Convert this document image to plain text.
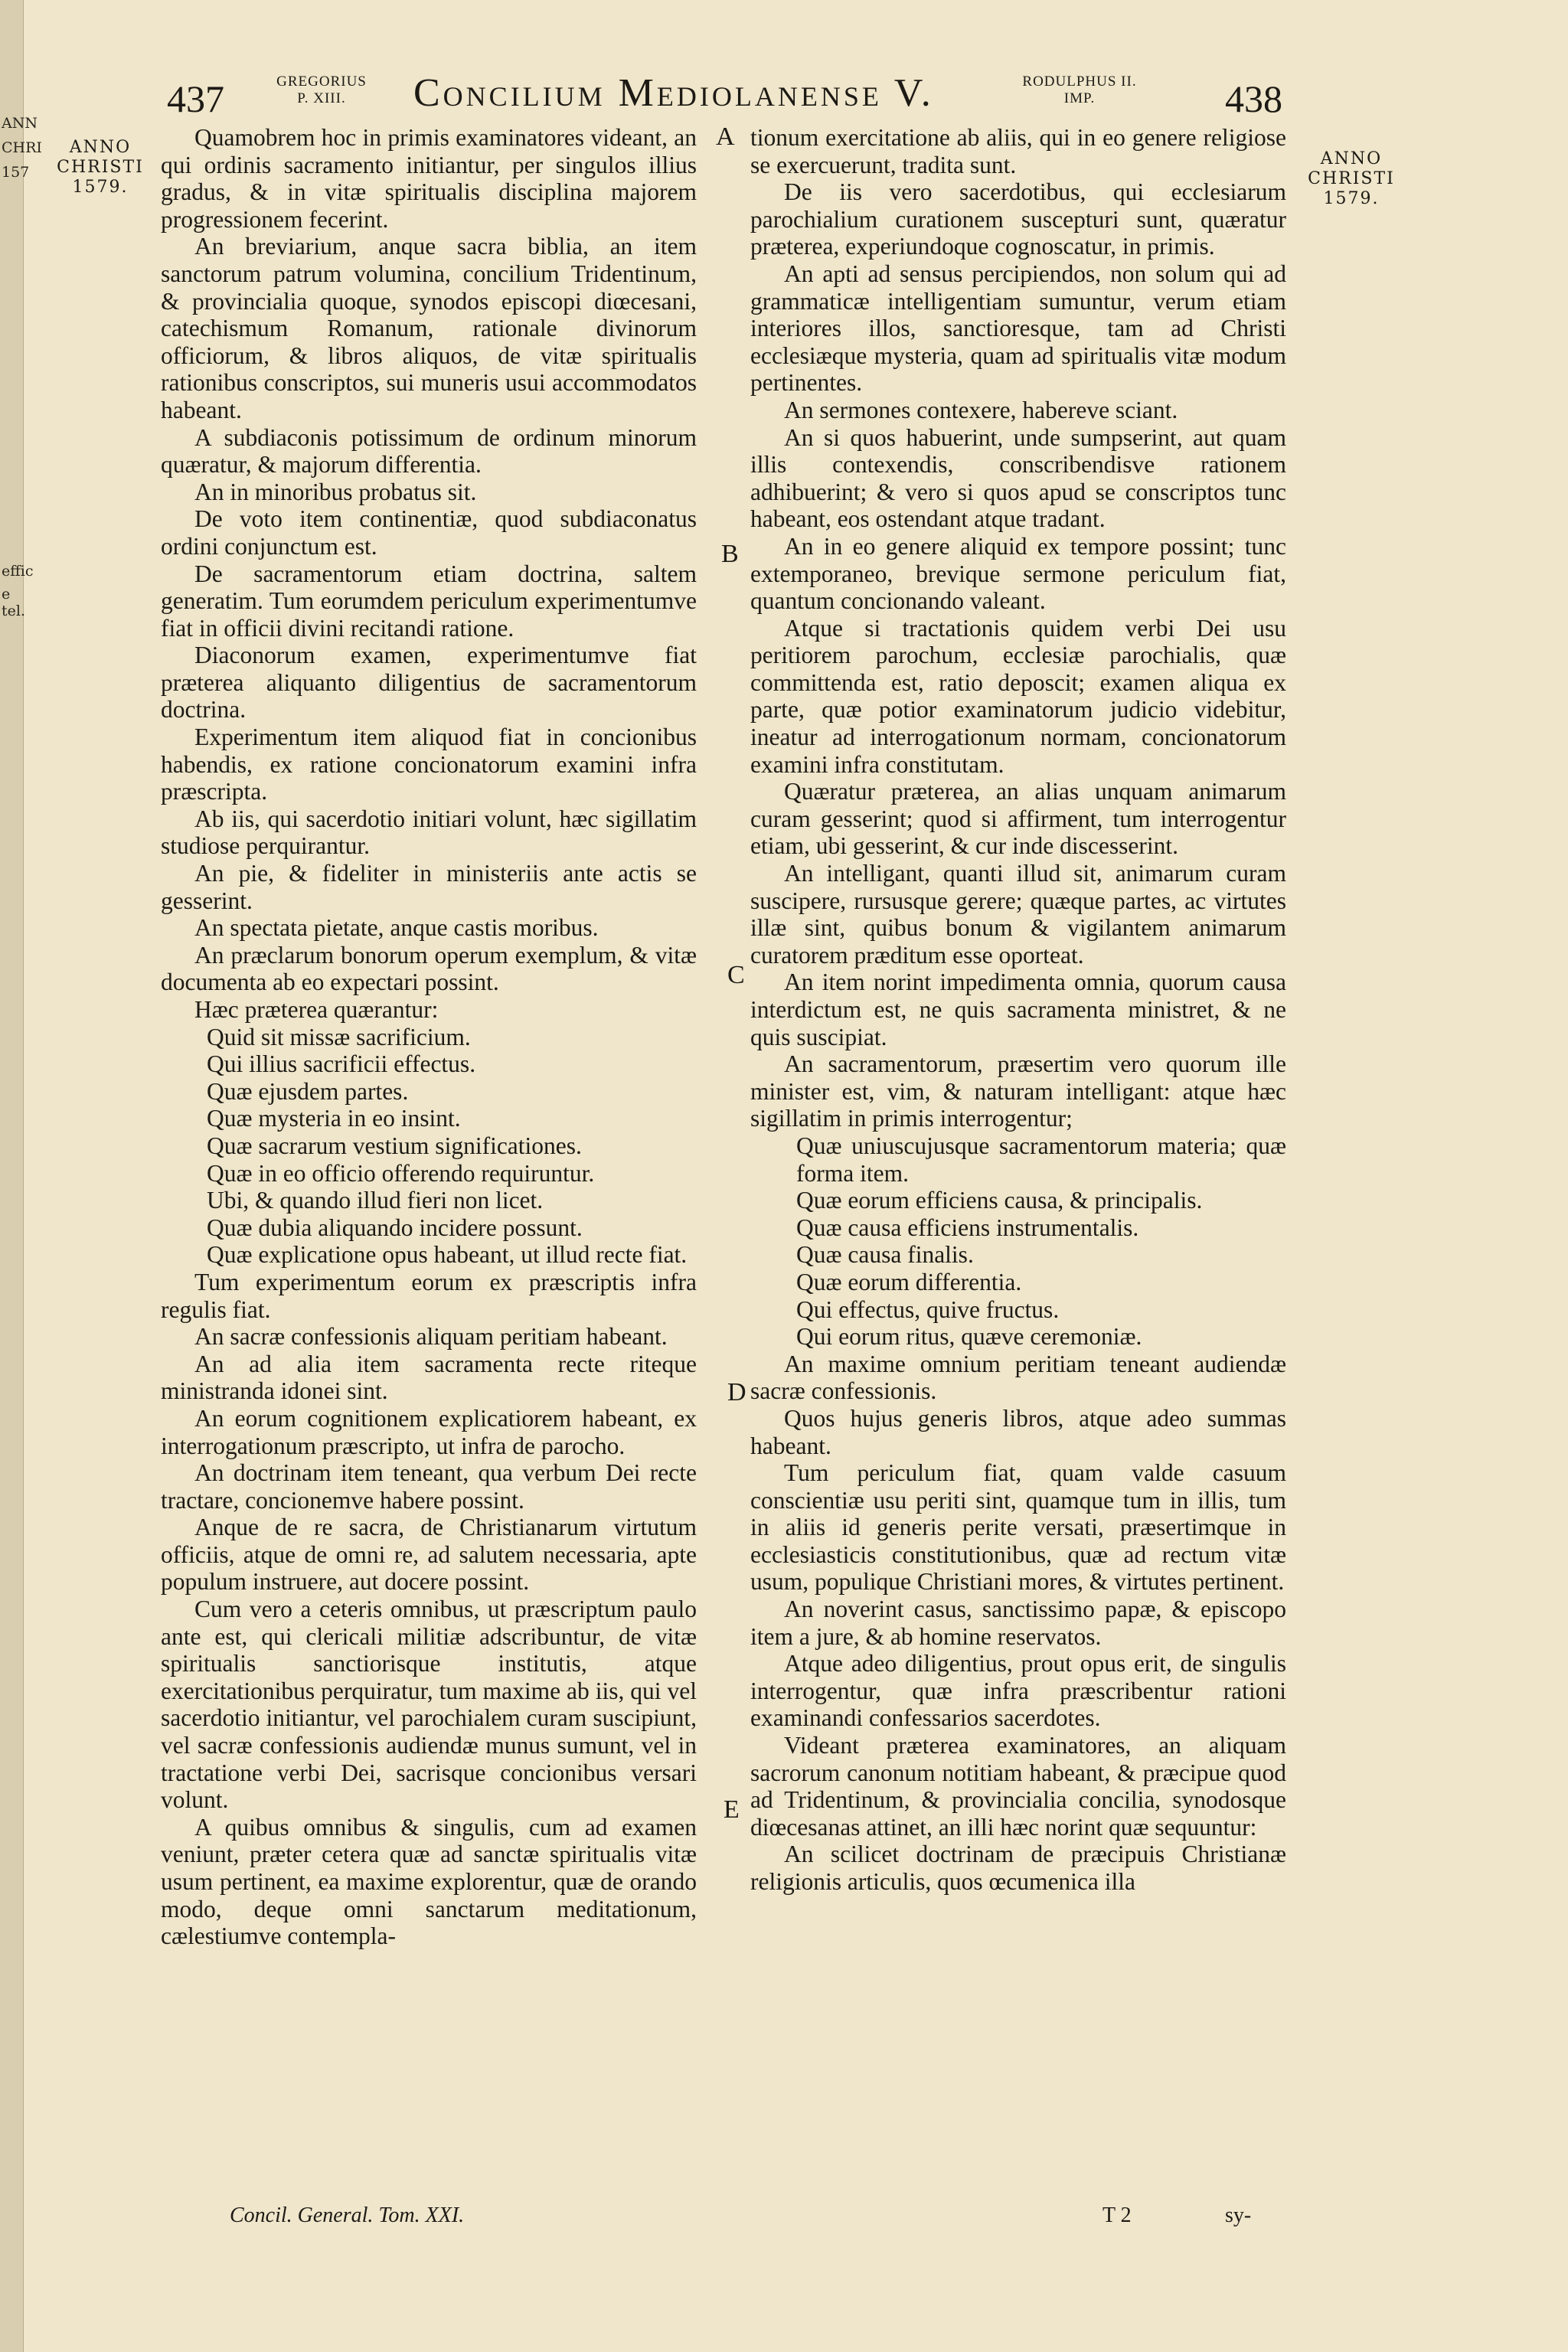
ANN
CHRI
157
effic
e tel.
437	GREGORIUS
P. XIII.	Concilium Mediolanense V.	RODULPHUS II.
IMP.	438
ANNO
CHRISTI
1579.
ANNO
CHRISTI
1579.
A
B
C
D
E

Quamobrem hoc in primis examinatores videant, an qui ordinis sacramento initiantur, per singulos illius gradus, & in vitæ spiritualis disciplina majorem progressionem fecerint.

An breviarium, anque sacra biblia, an item sanctorum patrum volumina, concilium Tridentinum, & provincialia quoque, synodos episcopi diœcesani, catechismum Romanum, rationale divinorum officiorum, & libros aliquos, de vitæ spiritualis rationibus conscriptos, sui muneris usui accommodatos habeant.

A subdiaconis potissimum de ordinum minorum quæratur, & majorum differentia.

An in minoribus probatus sit.

De voto item continentiæ, quod subdiaconatus ordini conjunctum est.

De sacramentorum etiam doctrina, saltem generatim. Tum eorumdem periculum experimentumve fiat in officii divini recitandi ratione.

Diaconorum examen, experimentumve fiat præterea aliquanto diligentius de sacramentorum doctrina.

Experimentum item aliquod fiat in concionibus habendis, ex ratione concionatorum examini infra præscripta.

Ab iis, qui sacerdotio initiari volunt, hæc sigillatim studiose perquirantur.

An pie, & fideliter in ministeriis ante actis se gesserint.

An spectata pietate, anque castis moribus.

An præclarum bonorum operum exemplum, & vitæ documenta ab eo expectari possint.

Hæc præterea quærantur:

Quid sit missæ sacrificium.

Qui illius sacrificii effectus.

Quæ ejusdem partes.

Quæ mysteria in eo insint.

Quæ sacrarum vestium significationes.

Quæ in eo officio offerendo requiruntur.

Ubi, & quando illud fieri non licet.

Quæ dubia aliquando incidere possunt.

Quæ explicatione opus habeant, ut illud recte fiat.

Tum experimentum eorum ex præscriptis infra regulis fiat.

An sacræ confessionis aliquam peritiam habeant.

An ad alia item sacramenta recte riteque ministranda idonei sint.

An eorum cognitionem explicatiorem habeant, ex interrogationum præscripto, ut infra de parocho.

An doctrinam item teneant, qua verbum Dei recte tractare, concionemve habere possint.

Anque de re sacra, de Christianarum virtutum officiis, atque de omni re, ad salutem necessaria, apte populum instruere, aut docere possint.

Cum vero a ceteris omnibus, ut præscriptum paulo ante est, qui clericali militiæ adscribuntur, de vitæ spiritualis sanctiorisque institutis, atque exercitationibus perquiratur, tum maxime ab iis, qui vel sacerdotio initiantur, vel parochialem curam suscipiunt, vel sacræ confessionis audiendæ munus sumunt, vel in tractatione verbi Dei, sacrisque concionibus versari volunt.

A quibus omnibus & singulis, cum ad examen veniunt, præter cetera quæ ad sanctæ spiritualis vitæ usum pertinent, ea maxime explorentur, quæ de orando modo, deque omni sanctarum meditationum, cælestiumve contempla-

tionum exercitatione ab aliis, qui in eo genere religiose se exercuerunt, tradita sunt.

De iis vero sacerdotibus, qui ecclesiarum parochialium curationem suscepturi sunt, quæratur præterea, experiundoque cognoscatur, in primis.

An apti ad sensus percipiendos, non solum qui ad grammaticæ intelligentiam sumuntur, verum etiam interiores illos, sanctioresque, tam ad Christi ecclesiæque mysteria, quam ad spiritualis vitæ modum pertinentes.

An sermones contexere, habereve sciant.

An si quos habuerint, unde sumpserint, aut quam illis contexendis, conscribendisve rationem adhibuerint; & vero si quos apud se conscriptos tunc habeant, eos ostendant atque tradant.

An in eo genere aliquid ex tempore possint; tunc extemporaneo, brevique sermone periculum fiat, quantum concionando valeant.

Atque si tractationis quidem verbi Dei usu peritiorem parochum, ecclesiæ parochialis, quæ committenda est, ratio deposcit; examen aliqua ex parte, quæ potior examinatorum judicio videbitur, ineatur ad interrogationum normam, concionatorum examini infra constitutam.

Quæratur præterea, an alias unquam animarum curam gesserint; quod si affirment, tum interrogentur etiam, ubi gesserint, & cur inde discesserint.

An intelligant, quanti illud sit, animarum curam suscipere, rursusque gerere; quæque partes, ac virtutes illæ sint, quibus bonum & vigilantem animarum curatorem præditum esse oporteat.

An item norint impedimenta omnia, quorum causa interdictum est, ne quis sacramenta ministret, & ne quis suscipiat.

An sacramentorum, præsertim vero quorum ille minister est, vim, & naturam intelligant: atque hæc sigillatim in primis interrogentur;

Quæ uniuscujusque sacramentorum materia; quæ forma item.

Quæ eorum efficiens causa, & principalis.

Quæ causa efficiens instrumentalis.

Quæ causa finalis.

Quæ eorum differentia.

Qui effectus, quive fructus.

Qui eorum ritus, quæve ceremoniæ.

An maxime omnium peritiam teneant audiendæ sacræ confessionis.

Quos hujus generis libros, atque adeo summas habeant.

Tum periculum fiat, quam valde casuum conscientiæ usu periti sint, quamque tum in illis, tum in aliis id generis perite versati, præsertimque in ecclesiasticis constitutionibus, quæ ad rectum vitæ usum, populique Christiani mores, & virtutes pertinent.

An noverint casus, sanctissimo papæ, & episcopo item a jure, & ab homine reservatos.

Atque adeo diligentius, prout opus erit, de singulis interrogentur, quæ infra præscribentur rationi examinandi confessarios sacerdotes.

Videant præterea examinatores, an aliquam sacrorum canonum notitiam habeant, & præcipue quod ad Tridentinum, & provincialia concilia, synodosque diœcesanas attinet, an illi hæc norint quæ sequuntur:

An scilicet doctrinam de præcipuis Christianæ religionis articulis, quos œcumenica illa

Concil. General. Tom. XXI.	T 2	sy-
